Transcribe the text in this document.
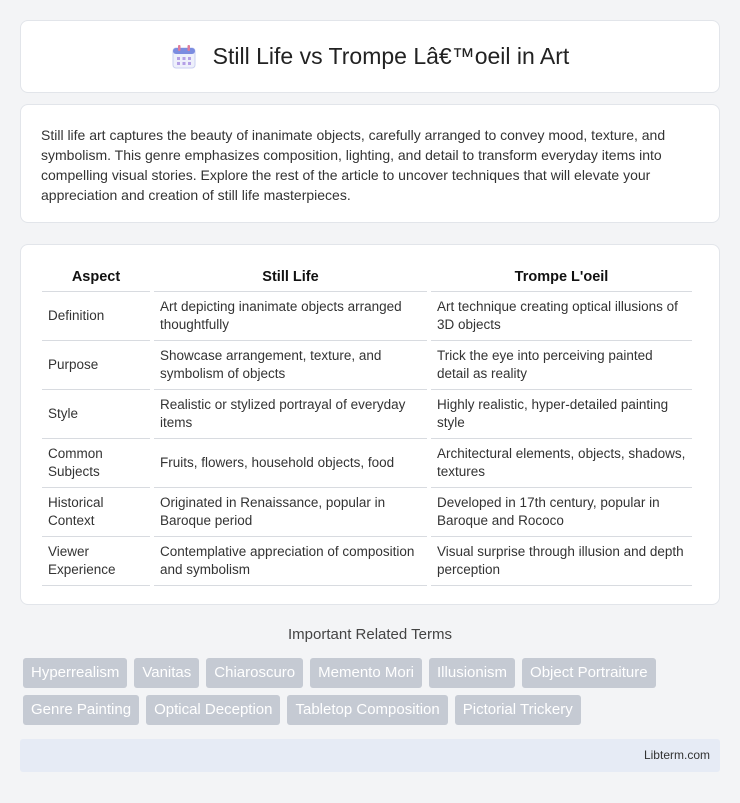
Still Life vs Trompe Lâ€™oeil in Art

Still life art captures the beauty of inanimate objects, carefully arranged to convey mood, texture, and symbolism. This genre emphasizes composition, lighting, and detail to transform everyday items into compelling visual stories. Explore the rest of the article to uncover techniques that will elevate your appreciation and creation of still life masterpieces.

Aspect	Still Life	Trompe L'oeil
Definition	Art depicting inanimate objects arranged thoughtfully	Art technique creating optical illusions of 3D objects
Purpose	Showcase arrangement, texture, and symbolism of objects	Trick the eye into perceiving painted detail as reality
Style	Realistic or stylized portrayal of everyday items	Highly realistic, hyper-detailed painting style
Common Subjects	Fruits, flowers, household objects, food	Architectural elements, objects, shadows, textures
Historical Context	Originated in Renaissance, popular in Baroque period	Developed in 17th century, popular in Baroque and Rococo
Viewer Experience	Contemplative appreciation of composition and symbolism	Visual surprise through illusion and depth perception
Important Related Terms
Hyperrealism	Vanitas	Chiaroscuro	Memento Mori	Illusionism	Object Portraiture
Genre Painting	Optical Deception	Tabletop Composition	Pictorial Trickery
Libterm.com
